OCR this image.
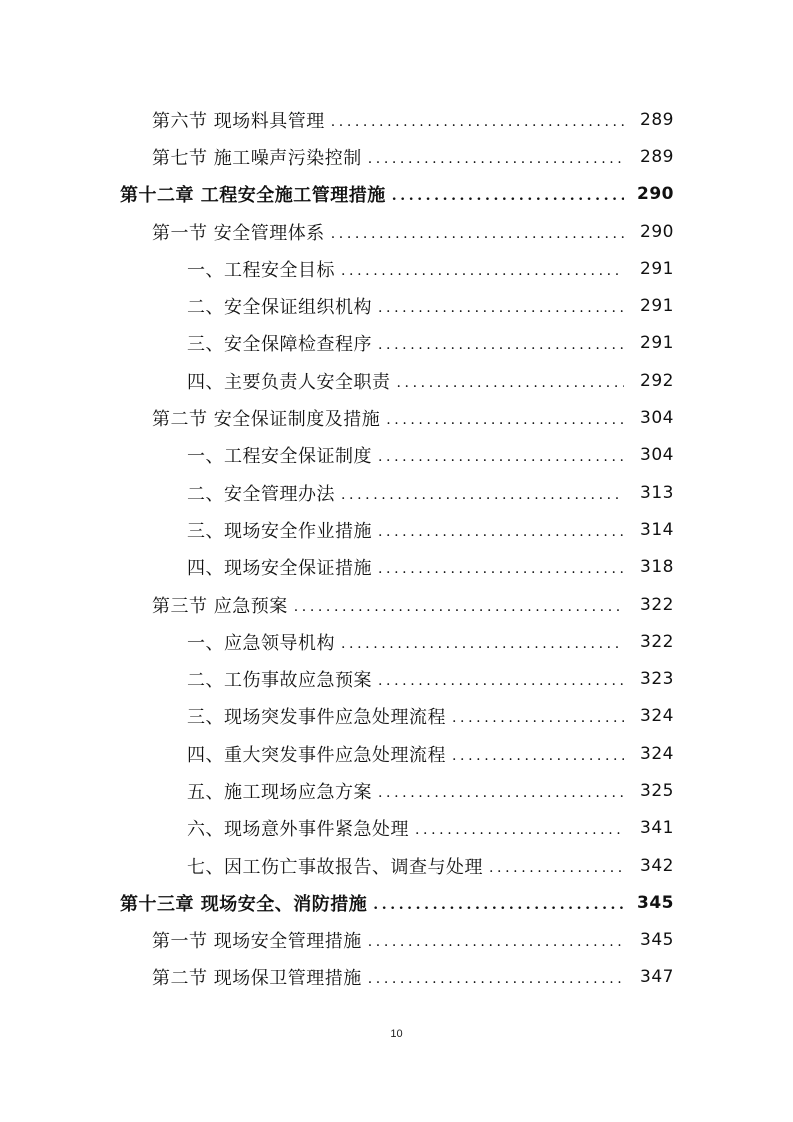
第六节 现场料具管理 .....	289
第七节 施工噪声污染控制 .....	289
第十二章 工程安全施工管理措施 .....	290
第一节 安全管理体系 .....	290
一、工程安全目标 .....	291
二、安全保证组织机构 .....	291
三、安全保障检查程序 .....	291
四、主要负责人安全职责 .....	292
第二节 安全保证制度及措施 .....	304
一、工程安全保证制度 .....	304
二、安全管理办法 .....	313
三、现场安全作业措施 .....	314
四、现场安全保证措施 .....	318
第三节 应急预案 .....	322
一、应急领导机构 .....	322
二、工伤事故应急预案 .....	323
三、现场突发事件应急处理流程 .....	324
四、重大突发事件应急处理流程 .....	324
五、施工现场应急方案 .....	325
六、现场意外事件紧急处理 .....	341
七、因工伤亡事故报告、调查与处理 .....	342
第十三章 现场安全、消防措施 .....	345
第一节 现场安全管理措施 .....	345
第二节 现场保卫管理措施 .....	347
10
